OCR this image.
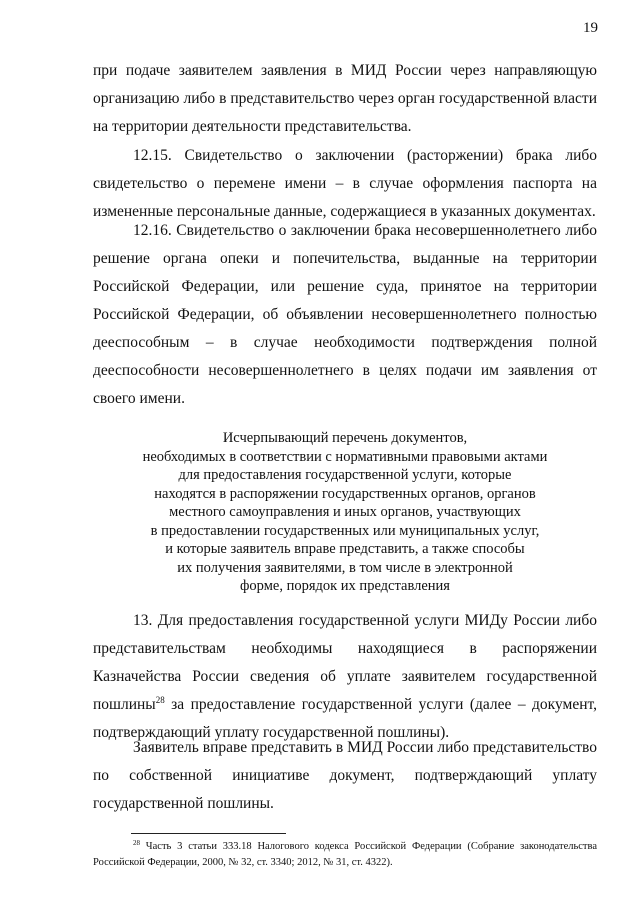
19

при подаче заявителем заявления в МИД России через направляющую организацию либо в представительство через орган государственной власти на территории деятельности представительства.

12.15. Свидетельство о заключении (расторжении) брака либо свидетельство о перемене имени – в случае оформления паспорта на измененные персональные данные, содержащиеся в указанных документах.

12.16. Свидетельство о заключении брака несовершеннолетнего либо решение органа опеки и попечительства, выданные на территории Российской Федерации, или решение суда, принятое на территории Российской Федерации, об объявлении несовершеннолетнего полностью дееспособным – в случае необходимости подтверждения полной дееспособности несовершеннолетнего в целях подачи им заявления от своего имени.

Исчерпывающий перечень документов,
необходимых в соответствии с нормативными правовыми актами
для предоставления государственной услуги, которые
находятся в распоряжении государственных органов, органов
местного самоуправления и иных органов, участвующих
в предоставлении государственных или муниципальных услуг,
и которые заявитель вправе представить, а также способы
их получения заявителями, в том числе в электронной
форме, порядок их представления

13. Для предоставления государственной услуги МИДу России либо представительствам необходимы находящиеся в распоряжении Казначейства России сведения об уплате заявителем государственной пошлины$^{28}$ за предоставление государственной услуги (далее – документ, подтверждающий уплату государственной пошлины).

Заявитель вправе представить в МИД России либо представительство по собственной инициативе документ, подтверждающий уплату государственной пошлины.

$^{28}$ Часть 3 статьи 333.18 Налогового кодекса Российской Федерации (Собрание законодательства Российской Федерации, 2000, № 32, ст. 3340; 2012, № 31, ст. 4322).
